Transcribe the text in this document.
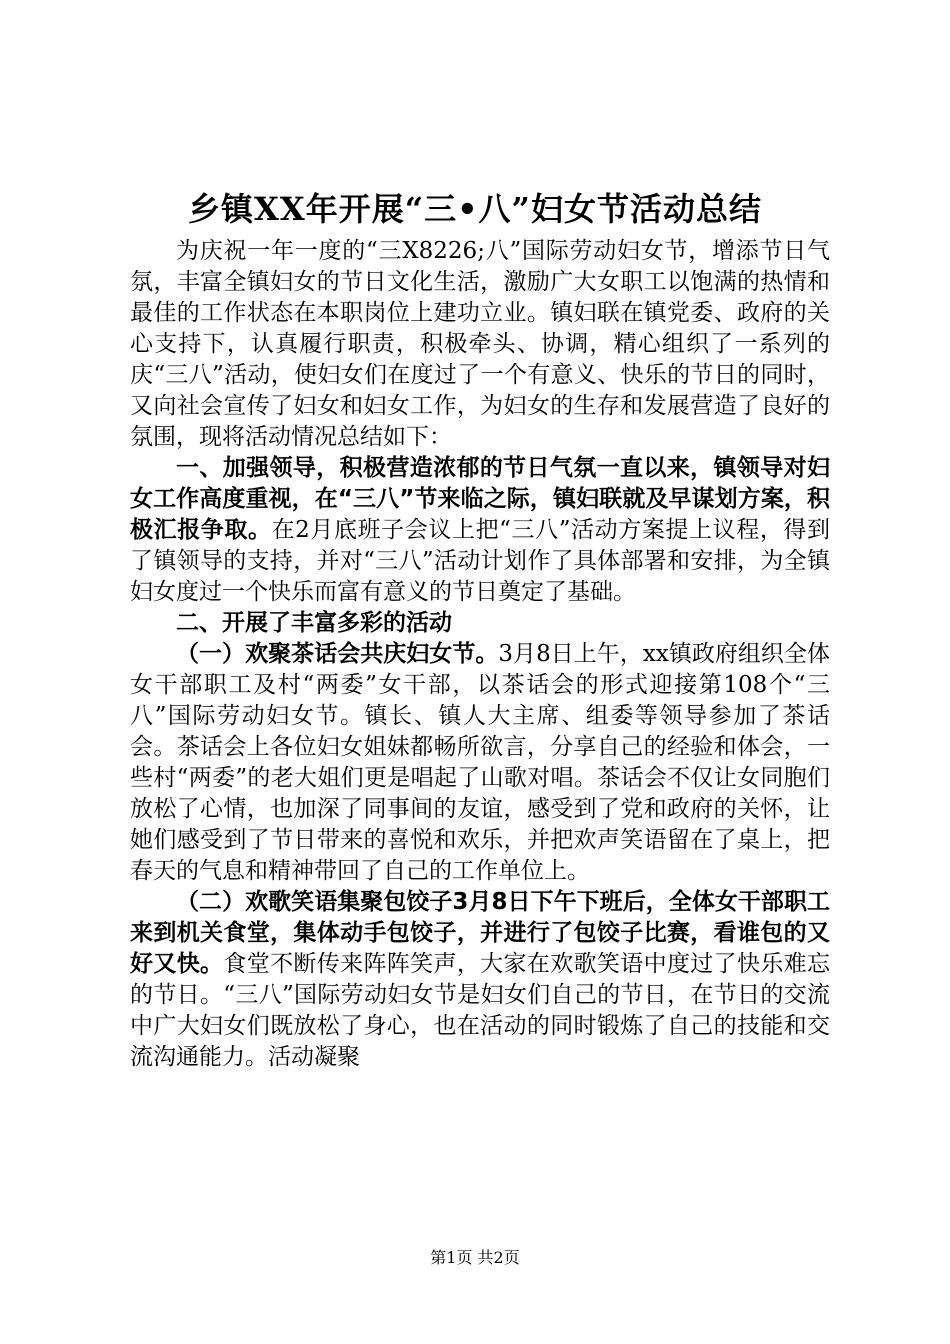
乡镇XX年开展“三•八”妇女节活动总结

为庆祝一年一度的“三X8226;八”国际劳动妇女节，增添节日气氛，丰富全镇妇女的节日文化生活，激励广大女职工以饱满的热情和最佳的工作状态在本职岗位上建功立业。镇妇联在镇党委、政府的关心支持下，认真履行职责，积极牵头、协调，精心组织了一系列的庆“三八”活动，使妇女们在度过了一个有意义、快乐的节日的同时，又向社会宣传了妇女和妇女工作，为妇女的生存和发展营造了良好的氛围，现将活动情况总结如下：

一、加强领导，积极营造浓郁的节日气氛一直以来，镇领导对妇女工作高度重视，在“三八”节来临之际，镇妇联就及早谋划方案，积极汇报争取。在2月底班子会议上把“三八”活动方案提上议程，得到了镇领导的支持，并对“三八”活动计划作了具体部署和安排，为全镇妇女度过一个快乐而富有意义的节日奠定了基础。

二、开展了丰富多彩的活动

（一）欢聚茶话会共庆妇女节。3月8日上午，xx镇政府组织全体女干部职工及村“两委”女干部，以茶话会的形式迎接第108个“三八”国际劳动妇女节。镇长、镇人大主席、组委等领导参加了茶话会。茶话会上各位妇女姐妹都畅所欲言，分享自己的经验和体会，一些村“两委”的老大姐们更是唱起了山歌对唱。茶话会不仅让女同胞们放松了心情，也加深了同事间的友谊，感受到了党和政府的关怀，让她们感受到了节日带来的喜悦和欢乐，并把欢声笑语留在了桌上，把春天的气息和精神带回了自己的工作单位上。

（二）欢歌笑语集聚包饺子3月8日下午下班后，全体女干部职工来到机关食堂，集体动手包饺子，并进行了包饺子比赛，看谁包的又好又快。食堂不断传来阵阵笑声，大家在欢歌笑语中度过了快乐难忘的节日。“三八”国际劳动妇女节是妇女们自己的节日，在节日的交流中广大妇女们既放松了身心，也在活动的同时锻炼了自己的技能和交流沟通能力。活动凝聚

第1页 共2页
